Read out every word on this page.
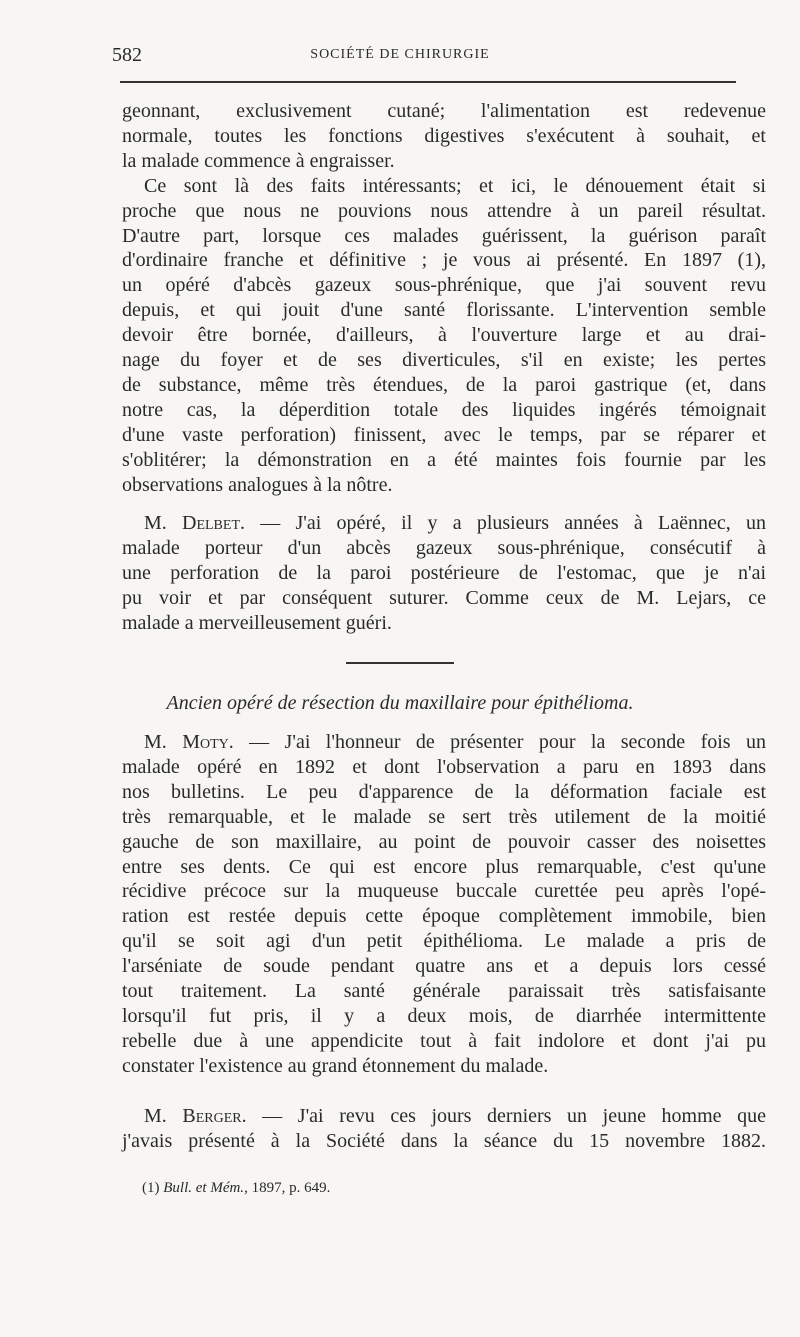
582	SOCIÉTÉ DE CHIRURGIE
geonnant, exclusivement cutané; l'alimentation est redevenue
normale, toutes les fonctions digestives s'exécutent à souhait, et
la malade commence à engraisser.
Ce sont là des faits intéressants; et ici, le dénouement était si
proche que nous ne pouvions nous attendre à un pareil résultat.
D'autre part, lorsque ces malades guérissent, la guérison paraît
d'ordinaire franche et définitive ; je vous ai présenté. En 1897 (1),
un opéré d'abcès gazeux sous-phrénique, que j'ai souvent revu
depuis, et qui jouit d'une santé florissante. L'intervention semble
devoir être bornée, d'ailleurs, à l'ouverture large et au drai-
nage du foyer et de ses diverticules, s'il en existe; les pertes
de substance, même très étendues, de la paroi gastrique (et, dans
notre cas, la déperdition totale des liquides ingérés témoignait
d'une vaste perforation) finissent, avec le temps, par se réparer et
s'oblitérer; la démonstration en a été maintes fois fournie par les
observations analogues à la nôtre.
M. Delbet. — J'ai opéré, il y a plusieurs années à Laënnec, un
malade porteur d'un abcès gazeux sous-phrénique, consécutif à
une perforation de la paroi postérieure de l'estomac, que je n'ai
pu voir et par conséquent suturer. Comme ceux de M. Lejars, ce
malade a merveilleusement guéri.
Ancien opéré de résection du maxillaire pour épithélioma.
M. Moty. — J'ai l'honneur de présenter pour la seconde fois un
malade opéré en 1892 et dont l'observation a paru en 1893 dans
nos bulletins. Le peu d'apparence de la déformation faciale est
très remarquable, et le malade se sert très utilement de la moitié
gauche de son maxillaire, au point de pouvoir casser des noisettes
entre ses dents. Ce qui est encore plus remarquable, c'est qu'une
récidive précoce sur la muqueuse buccale curettée peu après l'opé-
ration est restée depuis cette époque complètement immobile, bien
qu'il se soit agi d'un petit épithélioma. Le malade a pris de
l'arséniate de soude pendant quatre ans et a depuis lors cessé
tout traitement. La santé générale paraissait très satisfaisante
lorsqu'il fut pris, il y a deux mois, de diarrhée intermittente
rebelle due à une appendicite tout à fait indolore et dont j'ai pu
constater l'existence au grand étonnement du malade.
M. Berger. — J'ai revu ces jours derniers un jeune homme que
j'avais présenté à la Société dans la séance du 15 novembre 1882.
(1) Bull. et Mém., 1897, p. 649.
